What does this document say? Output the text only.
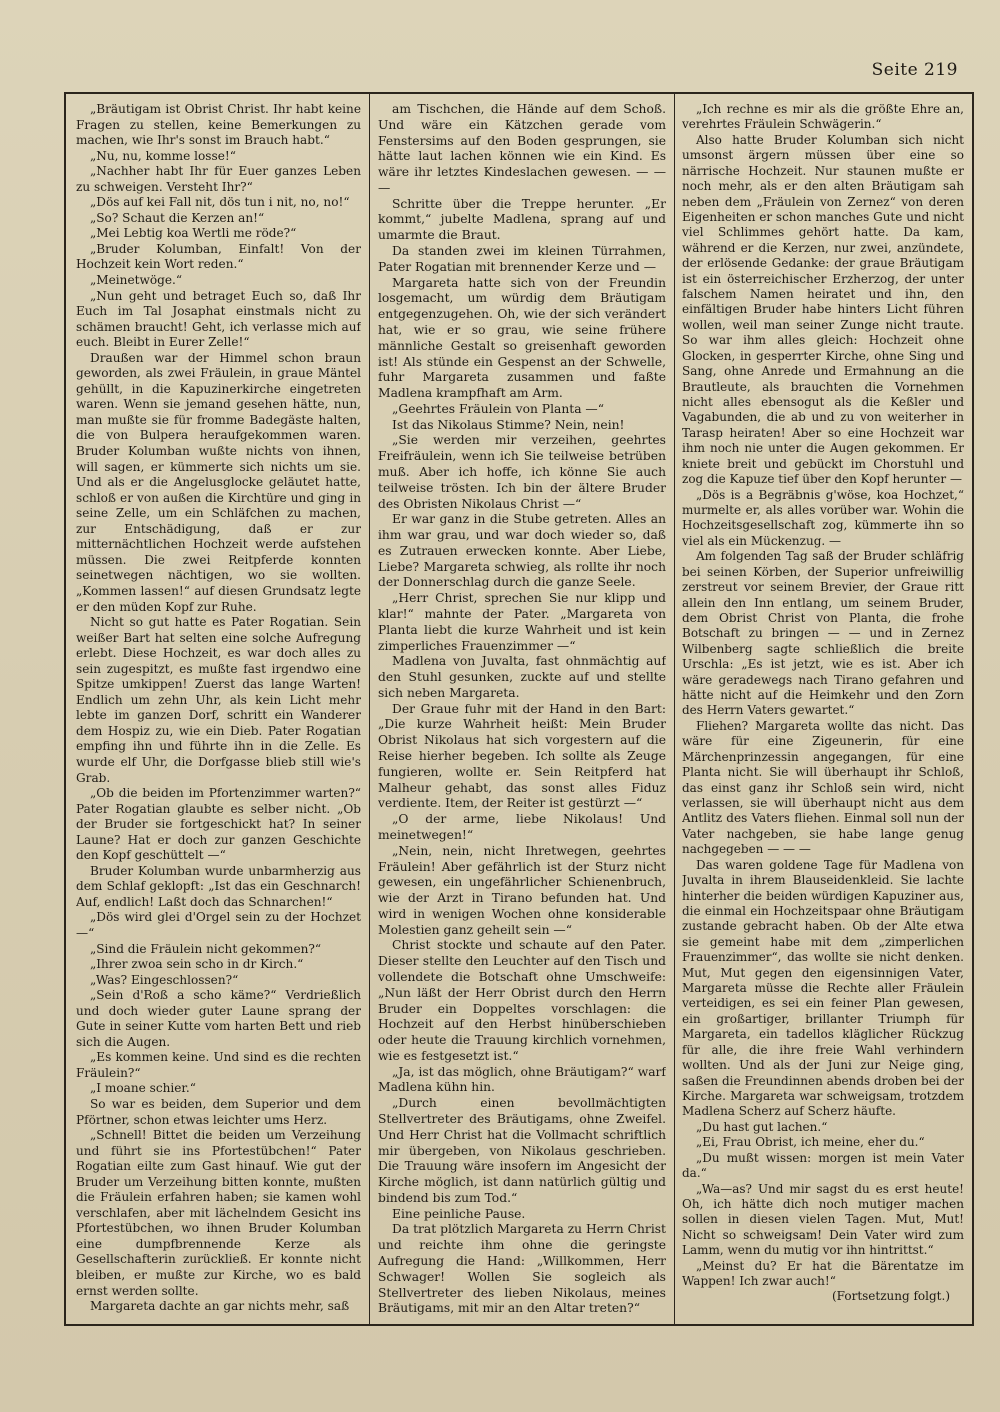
Seite 219

„Bräutigam ist Obrist Christ. Ihr habt keine Fragen zu stellen, keine Bemerkungen zu machen, wie Ihr's sonst im Brauch habt.“

„Nu, nu, komme losse!“

„Nachher habt Ihr für Euer ganzes Leben zu schweigen. Versteht Ihr?“

„Dös auf kei Fall nit, dös tun i nit, no, no!“

„So? Schaut die Kerzen an!“

„Mei Lebtig koa Wertli me röde?“

„Bruder Kolumban, Einfalt! Von der Hochzeit kein Wort reden.“

„Meinetwöge.“

„Nun geht und betraget Euch so, daß Ihr Euch im Tal Josaphat einstmals nicht zu schämen braucht! Geht, ich verlasse mich auf euch. Bleibt in Eurer Zelle!“

Draußen war der Himmel schon braun geworden, als zwei Fräulein, in graue Mäntel gehüllt, in die Kapuzinerkirche eingetreten waren. Wenn sie jemand gesehen hätte, nun, man mußte sie für fromme Badegäste halten, die von Bulpera heraufgekommen waren. Bruder Kolumban wußte nichts von ihnen, will sagen, er kümmerte sich nichts um sie. Und als er die Angelusglocke geläutet hatte, schloß er von außen die Kirchtüre und ging in seine Zelle, um ein Schläfchen zu machen, zur Entschädigung, daß er zur mitternächtlichen Hochzeit werde aufstehen müssen. Die zwei Reitpferde konnten seinetwegen nächtigen, wo sie wollten. „Kommen lassen!“ auf diesen Grundsatz legte er den müden Kopf zur Ruhe.

Nicht so gut hatte es Pater Rogatian. Sein weißer Bart hat selten eine solche Aufregung erlebt. Diese Hochzeit, es war doch alles zu sein zugespitzt, es mußte fast irgendwo eine Spitze umkippen! Zuerst das lange Warten! Endlich um zehn Uhr, als kein Licht mehr lebte im ganzen Dorf, schritt ein Wanderer dem Hospiz zu, wie ein Dieb. Pater Rogatian empfing ihn und führte ihn in die Zelle. Es wurde elf Uhr, die Dorfgasse blieb still wie's Grab.

„Ob die beiden im Pfortenzimmer warten?“ Pater Rogatian glaubte es selber nicht. „Ob der Bruder sie fortgeschickt hat? In seiner Laune? Hat er doch zur ganzen Geschichte den Kopf geschüttelt —“

Bruder Kolumban wurde unbarmherzig aus dem Schlaf geklopft: „Ist das ein Geschnarch! Auf, endlich! Laßt doch das Schnarchen!“

„Dös wird glei d'Orgel sein zu der Hochzet —“

„Sind die Fräulein nicht gekommen?“

„Ihrer zwoa sein scho in dr Kirch.“

„Was? Eingeschlossen?“

„Sein d'Roß a scho käme?“ Verdrießlich und doch wieder guter Laune sprang der Gute in seiner Kutte vom harten Bett und rieb sich die Augen.

„Es kommen keine. Und sind es die rechten Fräulein?“

„I moane schier.“

So war es beiden, dem Superior und dem Pförtner, schon etwas leichter ums Herz.

„Schnell! Bittet die beiden um Verzeihung und führt sie ins Pfortestübchen!“ Pater Rogatian eilte zum Gast hinauf. Wie gut der Bruder um Verzeihung bitten konnte, mußten die Fräulein erfahren haben; sie kamen wohl verschlafen, aber mit lächelndem Gesicht ins Pfortestübchen, wo ihnen Bruder Kolumban eine dumpfbrennende Kerze als Gesellschafterin zurückließ. Er konnte nicht bleiben, er mußte zur Kirche, wo es bald ernst werden sollte.

Margareta dachte an gar nichts mehr, saß

am Tischchen, die Hände auf dem Schoß. Und wäre ein Kätzchen gerade vom Fenstersims auf den Boden gesprungen, sie hätte laut lachen können wie ein Kind. Es wäre ihr letztes Kindeslachen gewesen. — — —

Schritte über die Treppe herunter. „Er kommt,“ jubelte Madlena, sprang auf und umarmte die Braut.

Da standen zwei im kleinen Türrahmen, Pater Rogatian mit brennender Kerze und —

Margareta hatte sich von der Freundin losgemacht, um würdig dem Bräutigam entgegenzugehen. Oh, wie der sich verändert hat, wie er so grau, wie seine frühere männliche Gestalt so greisenhaft geworden ist! Als stünde ein Gespenst an der Schwelle, fuhr Margareta zusammen und faßte Madlena krampfhaft am Arm.

„Geehrtes Fräulein von Planta —“

Ist das Nikolaus Stimme? Nein, nein!

„Sie werden mir verzeihen, geehrtes Freifräulein, wenn ich Sie teilweise betrüben muß. Aber ich hoffe, ich könne Sie auch teilweise trösten. Ich bin der ältere Bruder des Obristen Nikolaus Christ —“

Er war ganz in die Stube getreten. Alles an ihm war grau, und war doch wieder so, daß es Zutrauen erwecken konnte. Aber Liebe, Liebe? Margareta schwieg, als rollte ihr noch der Donnerschlag durch die ganze Seele.

„Herr Christ, sprechen Sie nur klipp und klar!“ mahnte der Pater. „Margareta von Planta liebt die kurze Wahrheit und ist kein zimperliches Frauenzimmer —“

Madlena von Juvalta, fast ohnmächtig auf den Stuhl gesunken, zuckte auf und stellte sich neben Margareta.

Der Graue fuhr mit der Hand in den Bart: „Die kurze Wahrheit heißt: Mein Bruder Obrist Nikolaus hat sich vorgestern auf die Reise hierher begeben. Ich sollte als Zeuge fungieren, wollte er. Sein Reitpferd hat Malheur gehabt, das sonst alles Fiduz verdiente. Item, der Reiter ist gestürzt —“

„O der arme, liebe Nikolaus! Und meinetwegen!“

„Nein, nein, nicht Ihretwegen, geehrtes Fräulein! Aber gefährlich ist der Sturz nicht gewesen, ein ungefährlicher Schienenbruch, wie der Arzt in Tirano befunden hat. Und wird in wenigen Wochen ohne konsiderable Molestien ganz geheilt sein —“

Christ stockte und schaute auf den Pater. Dieser stellte den Leuchter auf den Tisch und vollendete die Botschaft ohne Umschweife: „Nun läßt der Herr Obrist durch den Herrn Bruder ein Doppeltes vorschlagen: die Hochzeit auf den Herbst hinüberschieben oder heute die Trauung kirchlich vornehmen, wie es festgesetzt ist.“

„Ja, ist das möglich, ohne Bräutigam?“ warf Madlena kühn hin.

„Durch einen bevollmächtigten Stellvertreter des Bräutigams, ohne Zweifel. Und Herr Christ hat die Vollmacht schriftlich mir übergeben, von Nikolaus geschrieben. Die Trauung wäre insofern im Angesicht der Kirche möglich, ist dann natürlich gültig und bindend bis zum Tod.“

Eine peinliche Pause.

Da trat plötzlich Margareta zu Herrn Christ und reichte ihm ohne die geringste Aufregung die Hand: „Willkommen, Herr Schwager! Wollen Sie sogleich als Stellvertreter des lieben Nikolaus, meines Bräutigams, mit mir an den Altar treten?“

„Ich rechne es mir als die größte Ehre an, verehrtes Fräulein Schwägerin.“

Also hatte Bruder Kolumban sich nicht umsonst ärgern müssen über eine so närrische Hochzeit. Nur staunen mußte er noch mehr, als er den alten Bräutigam sah neben dem „Fräulein von Zernez“ von deren Eigenheiten er schon manches Gute und nicht viel Schlimmes gehört hatte. Da kam, während er die Kerzen, nur zwei, anzündete, der erlösende Gedanke: der graue Bräutigam ist ein österreichischer Erzherzog, der unter falschem Namen heiratet und ihn, den einfältigen Bruder habe hinters Licht führen wollen, weil man seiner Zunge nicht traute. So war ihm alles gleich: Hochzeit ohne Glocken, in gesperrter Kirche, ohne Sing und Sang, ohne Anrede und Ermahnung an die Brautleute, als brauchten die Vornehmen nicht alles ebensogut als die Keßler und Vagabunden, die ab und zu von weiterher in Tarasp heiraten! Aber so eine Hochzeit war ihm noch nie unter die Augen gekommen. Er kniete breit und gebückt im Chorstuhl und zog die Kapuze tief über den Kopf herunter —

„Dös is a Begräbnis g'wöse, koa Hochzet,“ murmelte er, als alles vorüber war. Wohin die Hochzeitsgesellschaft zog, kümmerte ihn so viel als ein Mückenzug. —

Am folgenden Tag saß der Bruder schläfrig bei seinen Körben, der Superior unfreiwillig zerstreut vor seinem Brevier, der Graue ritt allein den Inn entlang, um seinem Bruder, dem Obrist Christ von Planta, die frohe Botschaft zu bringen — — und in Zernez Wilbenberg sagte schließlich die breite Urschla: „Es ist jetzt, wie es ist. Aber ich wäre geradewegs nach Tirano gefahren und hätte nicht auf die Heimkehr und den Zorn des Herrn Vaters gewartet.“

Fliehen? Margareta wollte das nicht. Das wäre für eine Zigeunerin, für eine Märchenprinzessin angegangen, für eine Planta nicht. Sie will überhaupt ihr Schloß, das einst ganz ihr Schloß sein wird, nicht verlassen, sie will überhaupt nicht aus dem Antlitz des Vaters fliehen. Einmal soll nun der Vater nachgeben, sie habe lange genug nachgegeben — — —

Das waren goldene Tage für Madlena von Juvalta in ihrem Blauseidenkleid. Sie lachte hinterher die beiden würdigen Kapuziner aus, die einmal ein Hochzeitspaar ohne Bräutigam zustande gebracht haben. Ob der Alte etwa sie gemeint habe mit dem „zimperlichen Frauenzimmer“, das wollte sie nicht denken. Mut, Mut gegen den eigensinnigen Vater, Margareta müsse die Rechte aller Fräulein verteidigen, es sei ein feiner Plan gewesen, ein großartiger, brillanter Triumph für Margareta, ein tadellos kläglicher Rückzug für alle, die ihre freie Wahl verhindern wollten. Und als der Juni zur Neige ging, saßen die Freundinnen abends droben bei der Kirche. Margareta war schweigsam, trotzdem Madlena Scherz auf Scherz häufte.

„Du hast gut lachen.“

„Ei, Frau Obrist, ich meine, eher du.“

„Du mußt wissen: morgen ist mein Vater da.“

„Wa—as? Und mir sagst du es erst heute! Oh, ich hätte dich noch mutiger machen sollen in diesen vielen Tagen. Mut, Mut! Nicht so schweigsam! Dein Vater wird zum Lamm, wenn du mutig vor ihn hintrittst.“

„Meinst du? Er hat die Bärentatze im Wappen! Ich zwar auch!“

(Fortsetzung folgt.)
